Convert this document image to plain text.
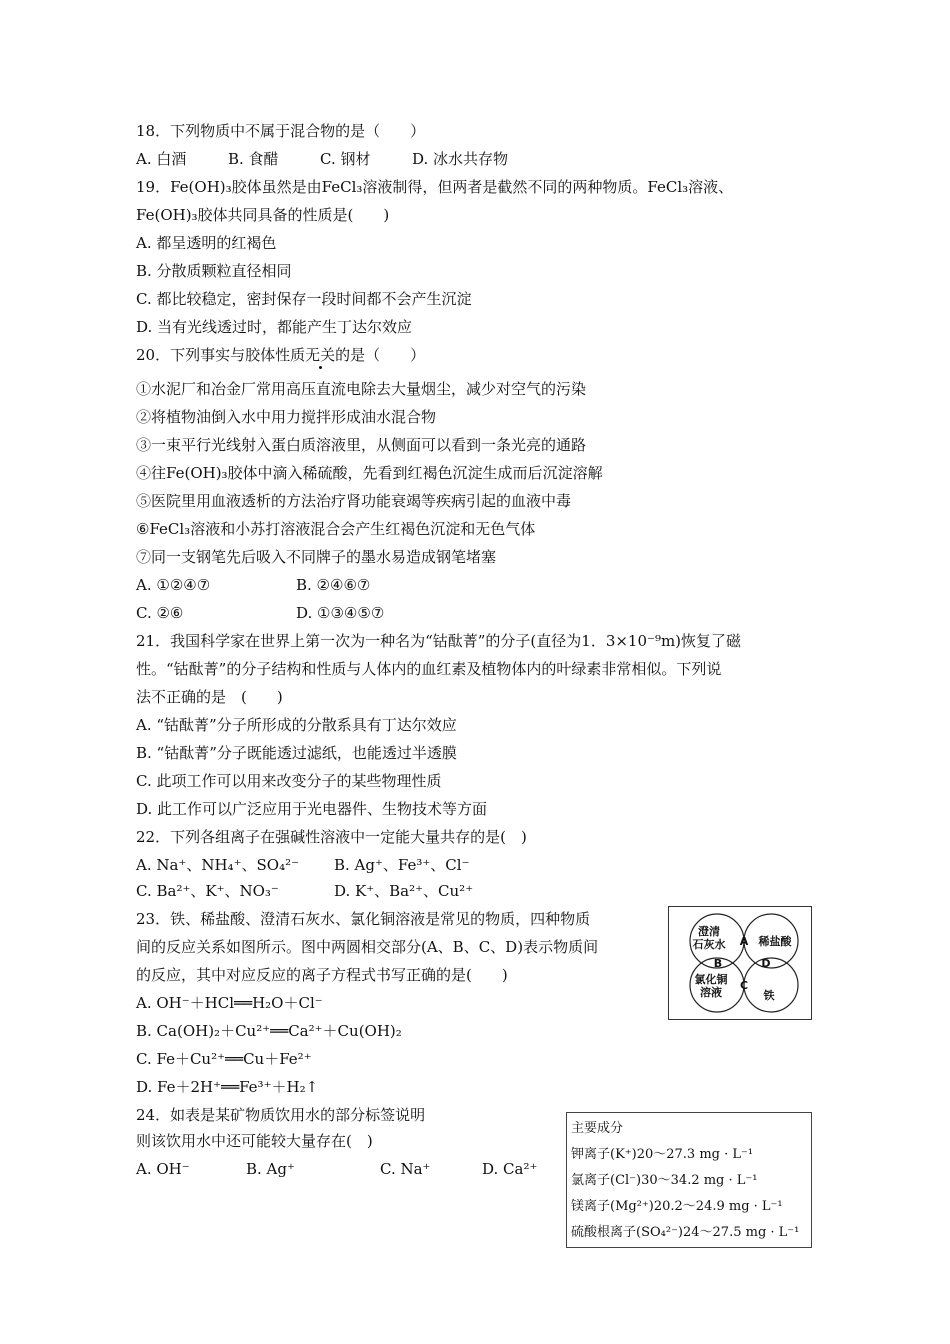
18．下列物质中不属于混合物的是（　　）
A. 白酒	B. 食醋	C. 钢材	D. 冰水共存物
19．Fe(OH)₃胶体虽然是由FeCl₃溶液制得，但两者是截然不同的两种物质。FeCl₃溶液、
Fe(OH)₃胶体共同具备的性质是(　　)
A. 都呈透明的红褐色
B. 分散质颗粒直径相同
C. 都比较稳定，密封保存一段时间都不会产生沉淀
D. 当有光线透过时，都能产生丁达尔效应
20．下列事实与胶体性质无关的是（　　）
①水泥厂和冶金厂常用高压直流电除去大量烟尘，减少对空气的污染
②将植物油倒入水中用力搅拌形成油水混合物
③一束平行光线射入蛋白质溶液里，从侧面可以看到一条光亮的通路
④往Fe(OH)₃胶体中滴入稀硫酸，先看到红褐色沉淀生成而后沉淀溶解
⑤医院里用血液透析的方法治疗肾功能衰竭等疾病引起的血液中毒
⑥FeCl₃溶液和小苏打溶液混合会产生红褐色沉淀和无色气体
⑦同一支钢笔先后吸入不同牌子的墨水易造成钢笔堵塞
A. ①②④⑦	B. ②④⑥⑦
C. ②⑥	D. ①③④⑤⑦
21．我国科学家在世界上第一次为一种名为“钴酞菁”的分子(直径为1．3×10⁻⁹m)恢复了磁
性。“钴酞菁”的分子结构和性质与人体内的血红素及植物体内的叶绿素非常相似。下列说
法不正确的是　(　　)
A. “钴酞菁”分子所形成的分散系具有丁达尔效应
B. “钴酞菁”分子既能透过滤纸，也能透过半透膜
C. 此项工作可以用来改变分子的某些物理性质
D. 此工作可以广泛应用于光电器件、生物技术等方面
22．下列各组离子在强碱性溶液中一定能大量共存的是(　)
A. Na⁺、NH₄⁺、SO₄²⁻ B. Ag⁺、Fe³⁺、Cl⁻
C. Ba²⁺、K⁺、NO₃⁻	D. K⁺、Ba²⁺、Cu²⁺
23．铁、稀盐酸、澄清石灰水、氯化铜溶液是常见的物质，四种物质
间的反应关系如图所示。图中两圆相交部分(A、B、C、D)表示物质间
的反应，其中对应反应的离子方程式书写正确的是(　　)
A. OH⁻＋HCl══H₂O＋Cl⁻
B. Ca(OH)₂＋Cu²⁺══Ca²⁺＋Cu(OH)₂
C. Fe＋Cu²⁺══Cu＋Fe²⁺
D. Fe＋2H⁺══Fe³⁺＋H₂↑
澄清
石灰水	稀盐酸
氯化铜
溶液	铁
A
B
C
D
24．如表是某矿物质饮用水的部分标签说明
则该饮用水中还可能较大量存在(　)
A. OH⁻	B. Ag⁺	C. Na⁺	D. Ca²⁺
主要成分
钾离子(K⁺)20～27.3 mg · L⁻¹
氯离子(Cl⁻)30～34.2 mg · L⁻¹
镁离子(Mg²⁺)20.2～24.9 mg · L⁻¹
硫酸根离子(SO₄²⁻)24～27.5 mg · L⁻¹
